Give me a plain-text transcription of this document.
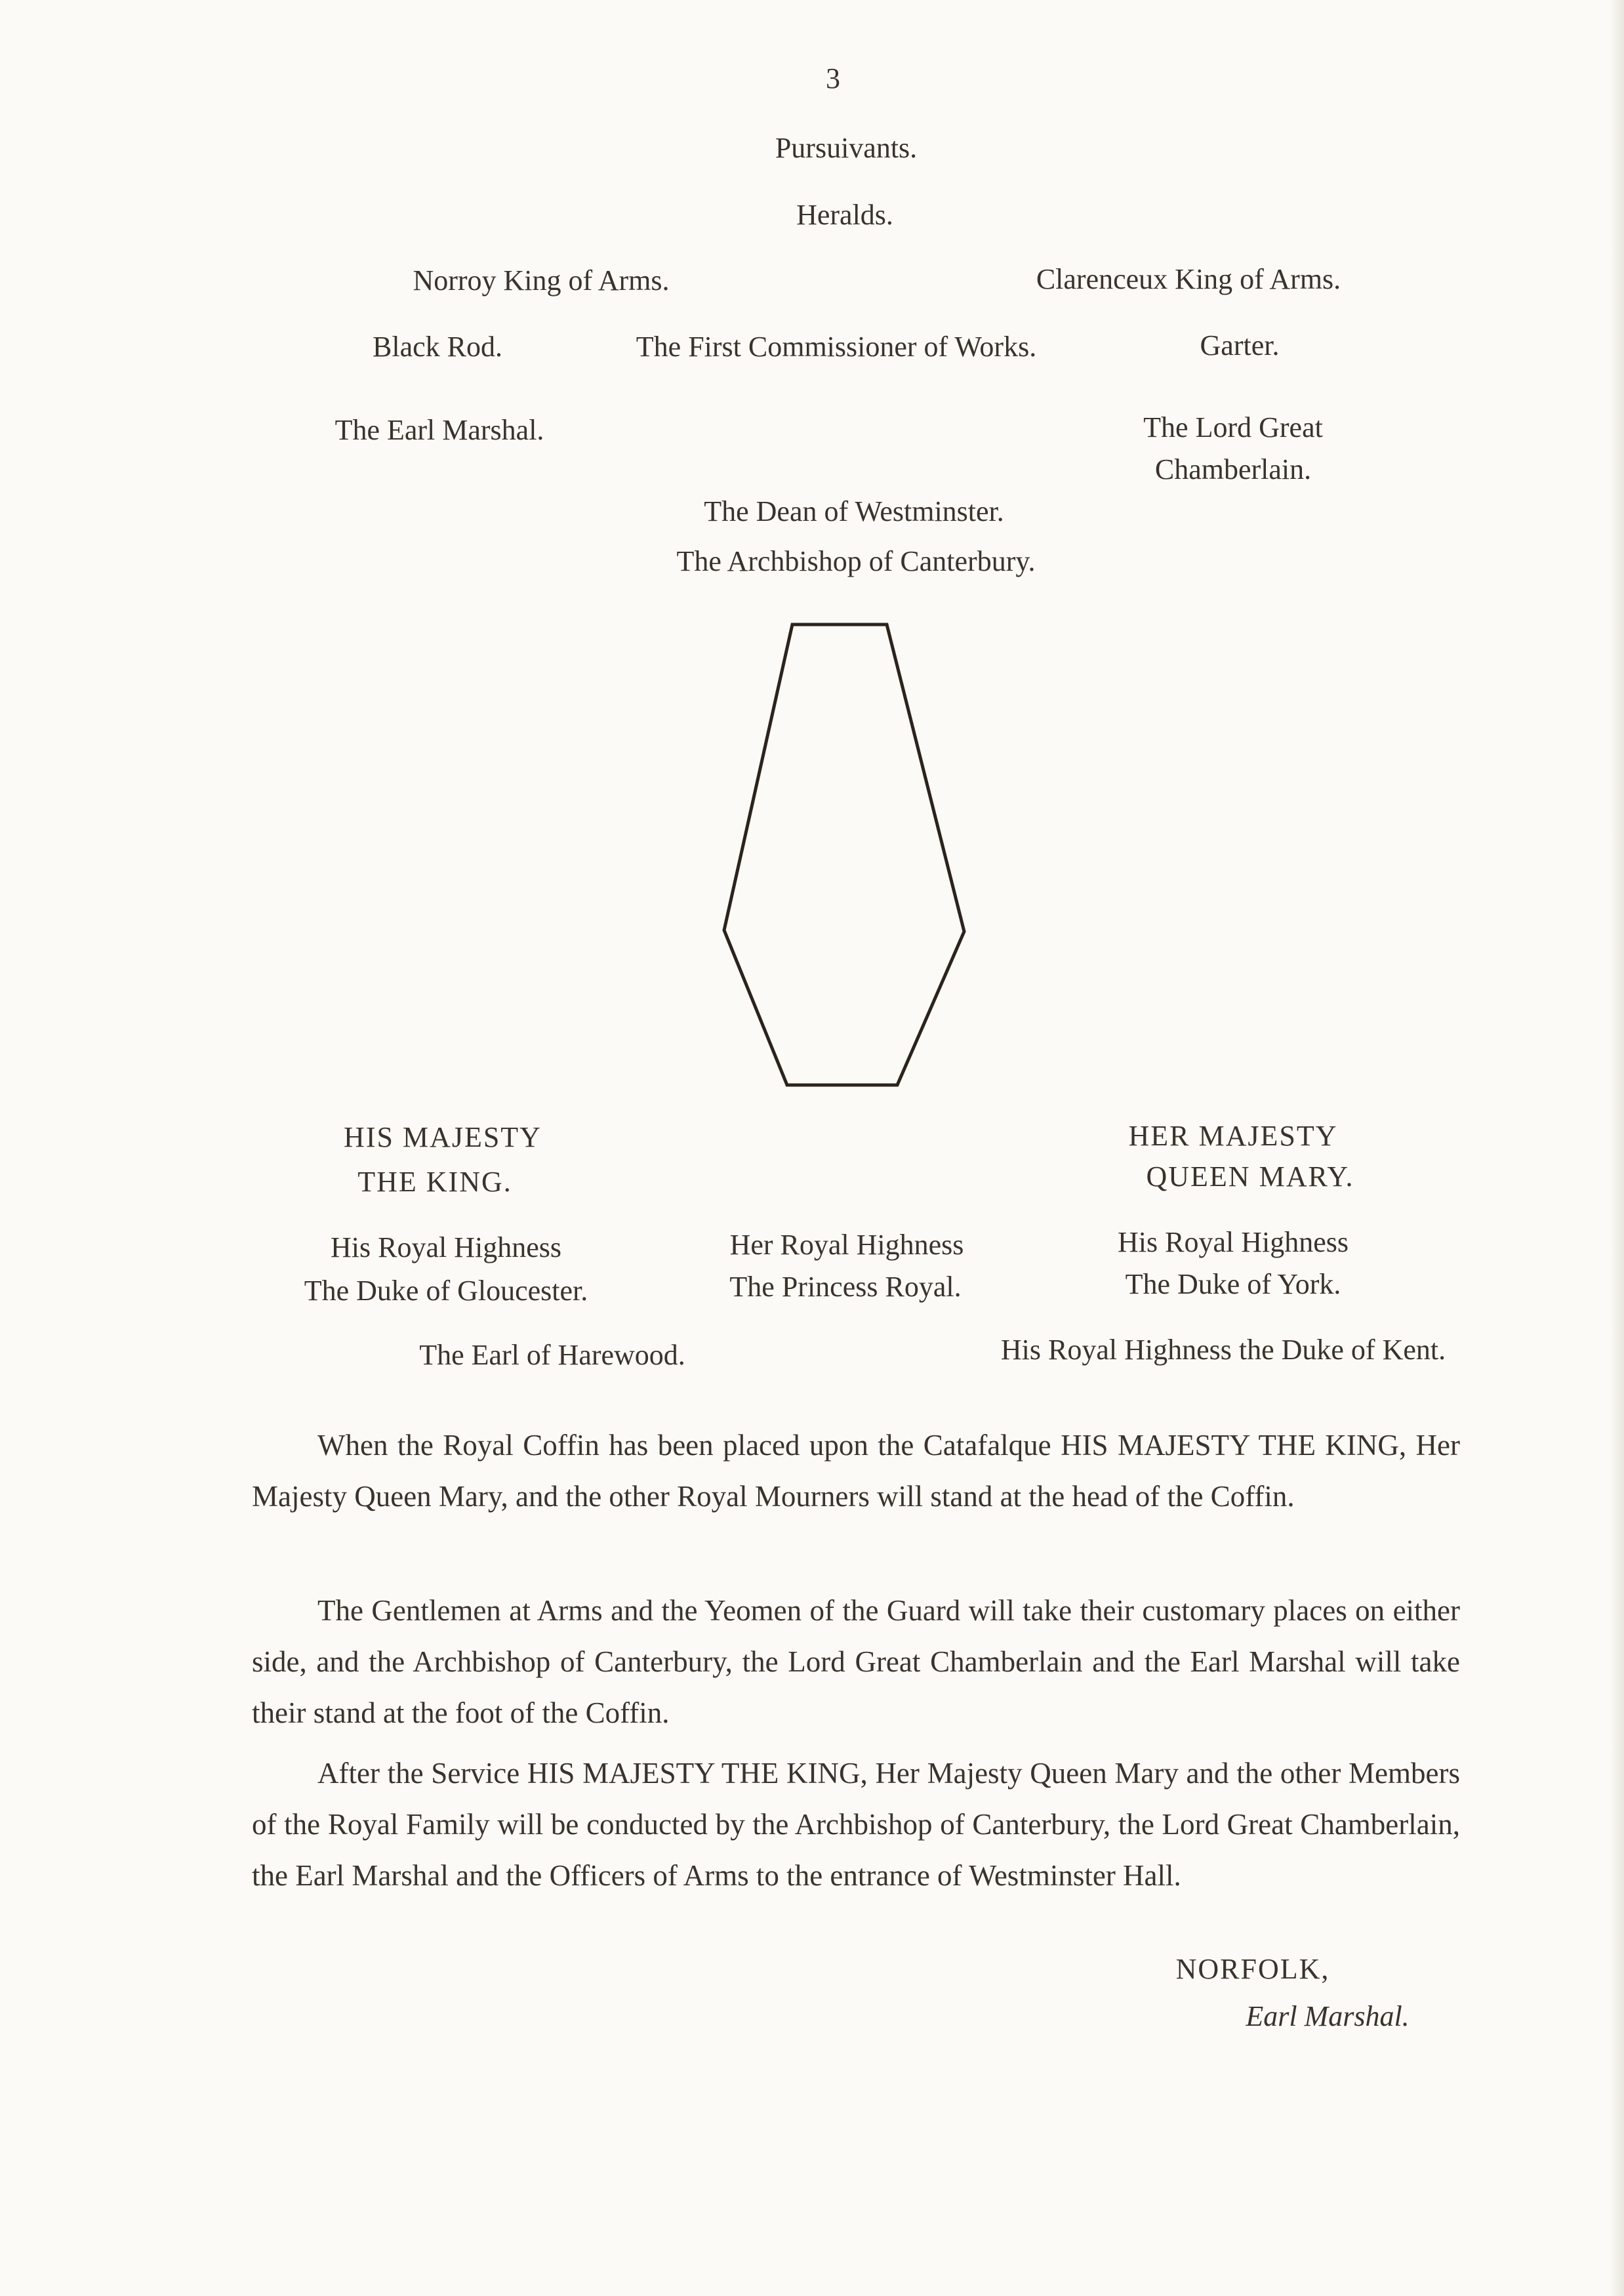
3
Pursuivants.
Heralds.
Norroy King of Arms.	Clarenceux King of Arms.
Black Rod.	The First Commissioner of Works.	Garter.
The Earl Marshal.	The Lord Great Chamberlain.
The Dean of Westminster.
The Archbishop of Canterbury.
HIS MAJESTY
THE KING.
HER MAJESTY
QUEEN MARY.
His Royal Highness
The Duke of Gloucester.
Her Royal Highness
The Princess Royal.
His Royal Highness
The Duke of York.
The Earl of Harewood.	His Royal Highness the Duke of Kent.
When the Royal Coffin has been placed upon the Catafalque HIS MAJESTY THE KING, Her Majesty Queen Mary, and the other Royal Mourners will stand at the head of the Coffin.
The Gentlemen at Arms and the Yeomen of the Guard will take their customary places on either side, and the Archbishop of Canterbury, the Lord Great Chamberlain and the Earl Marshal will take their stand at the foot of the Coffin.
After the Service HIS MAJESTY THE KING, Her Majesty Queen Mary and the other Members of the Royal Family will be conducted by the Archbishop of Canterbury, the Lord Great Chamberlain, the Earl Marshal and the Officers of Arms to the entrance of Westminster Hall.
NORFOLK,
Earl Marshal.
